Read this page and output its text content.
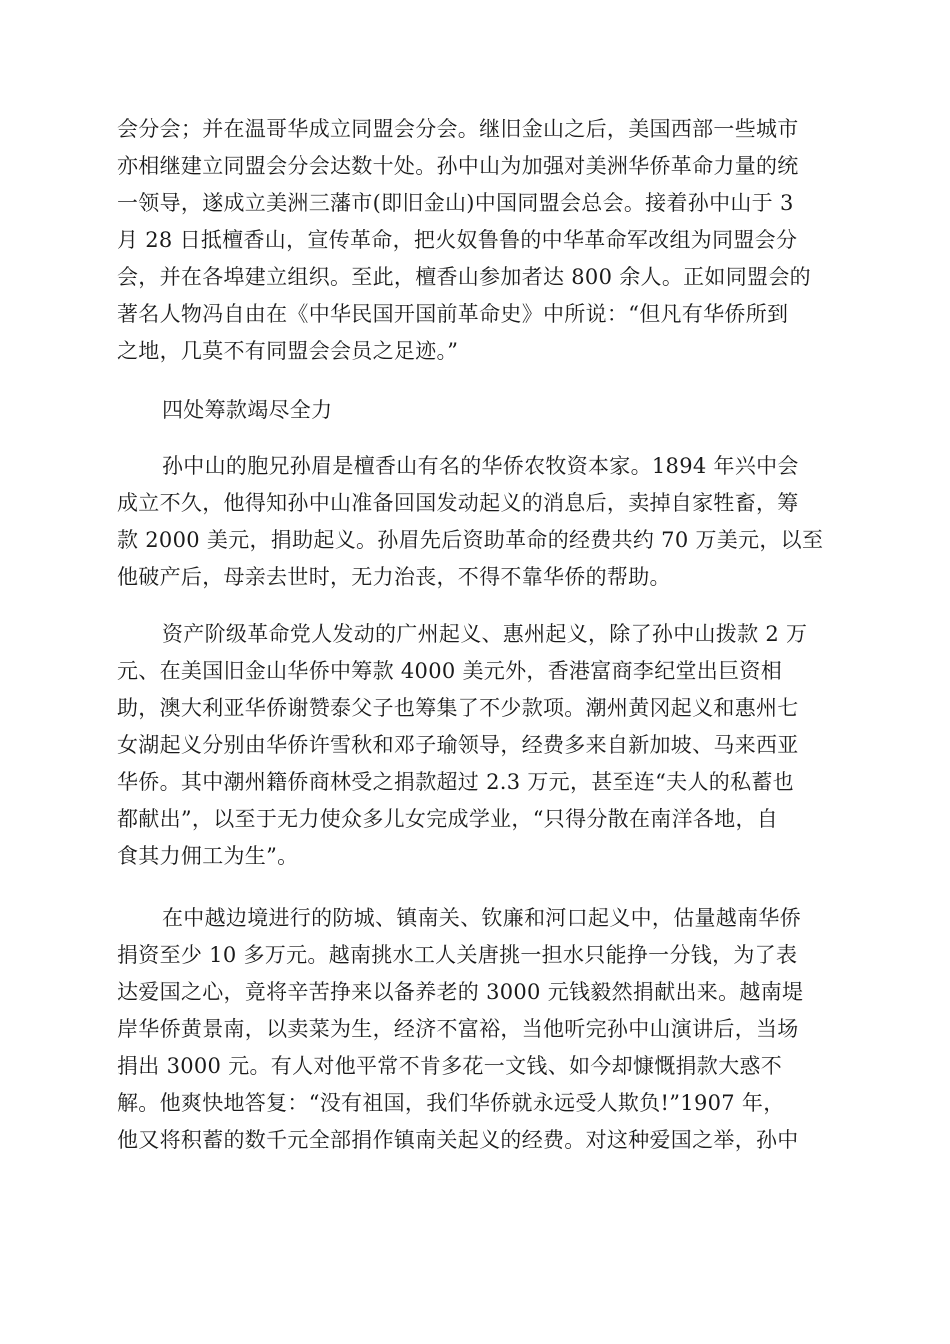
会分会；并在温哥华成立同盟会分会。继旧金山之后，美国西部一些城市
亦相继建立同盟会分会达数十处。孙中山为加强对美洲华侨革命力量的统
一领导，遂成立美洲三藩市(即旧金山)中国同盟会总会。接着孙中山于 3
月 28 日抵檀香山，宣传革命，把火奴鲁鲁的中华革命军改组为同盟会分
会，并在各埠建立组织。至此，檀香山参加者达 800 余人。正如同盟会的
著名人物冯自由在《中华民国开国前革命史》中所说：“但凡有华侨所到
之地，几莫不有同盟会会员之足迹。”
四处筹款竭尽全力
孙中山的胞兄孙眉是檀香山有名的华侨农牧资本家。1894 年兴中会
成立不久，他得知孙中山准备回国发动起义的消息后，卖掉自家牲畜，筹
款 2000 美元，捐助起义。孙眉先后资助革命的经费共约 70 万美元，以至
他破产后，母亲去世时，无力治丧，不得不靠华侨的帮助。
资产阶级革命党人发动的广州起义、惠州起义，除了孙中山拨款 2 万
元、在美国旧金山华侨中筹款 4000 美元外，香港富商李纪堂出巨资相
助，澳大利亚华侨谢赞泰父子也筹集了不少款项。潮州黄冈起义和惠州七
女湖起义分别由华侨许雪秋和邓子瑜领导，经费多来自新加坡、马来西亚
华侨。其中潮州籍侨商林受之捐款超过 2.3 万元，甚至连“夫人的私蓄也
都献出”，以至于无力使众多儿女完成学业，“只得分散在南洋各地，自
食其力佣工为生”。
在中越边境进行的防城、镇南关、钦廉和河口起义中，估量越南华侨
捐资至少 10 多万元。越南挑水工人关唐挑一担水只能挣一分钱，为了表
达爱国之心，竟将辛苦挣来以备养老的 3000 元钱毅然捐献出来。越南堤
岸华侨黄景南，以卖菜为生，经济不富裕，当他听完孙中山演讲后，当场
捐出 3000 元。有人对他平常不肯多花一文钱、如今却慷慨捐款大惑不
解。他爽快地答复：“没有祖国，我们华侨就永远受人欺负!”1907 年，
他又将积蓄的数千元全部捐作镇南关起义的经费。对这种爱国之举，孙中
